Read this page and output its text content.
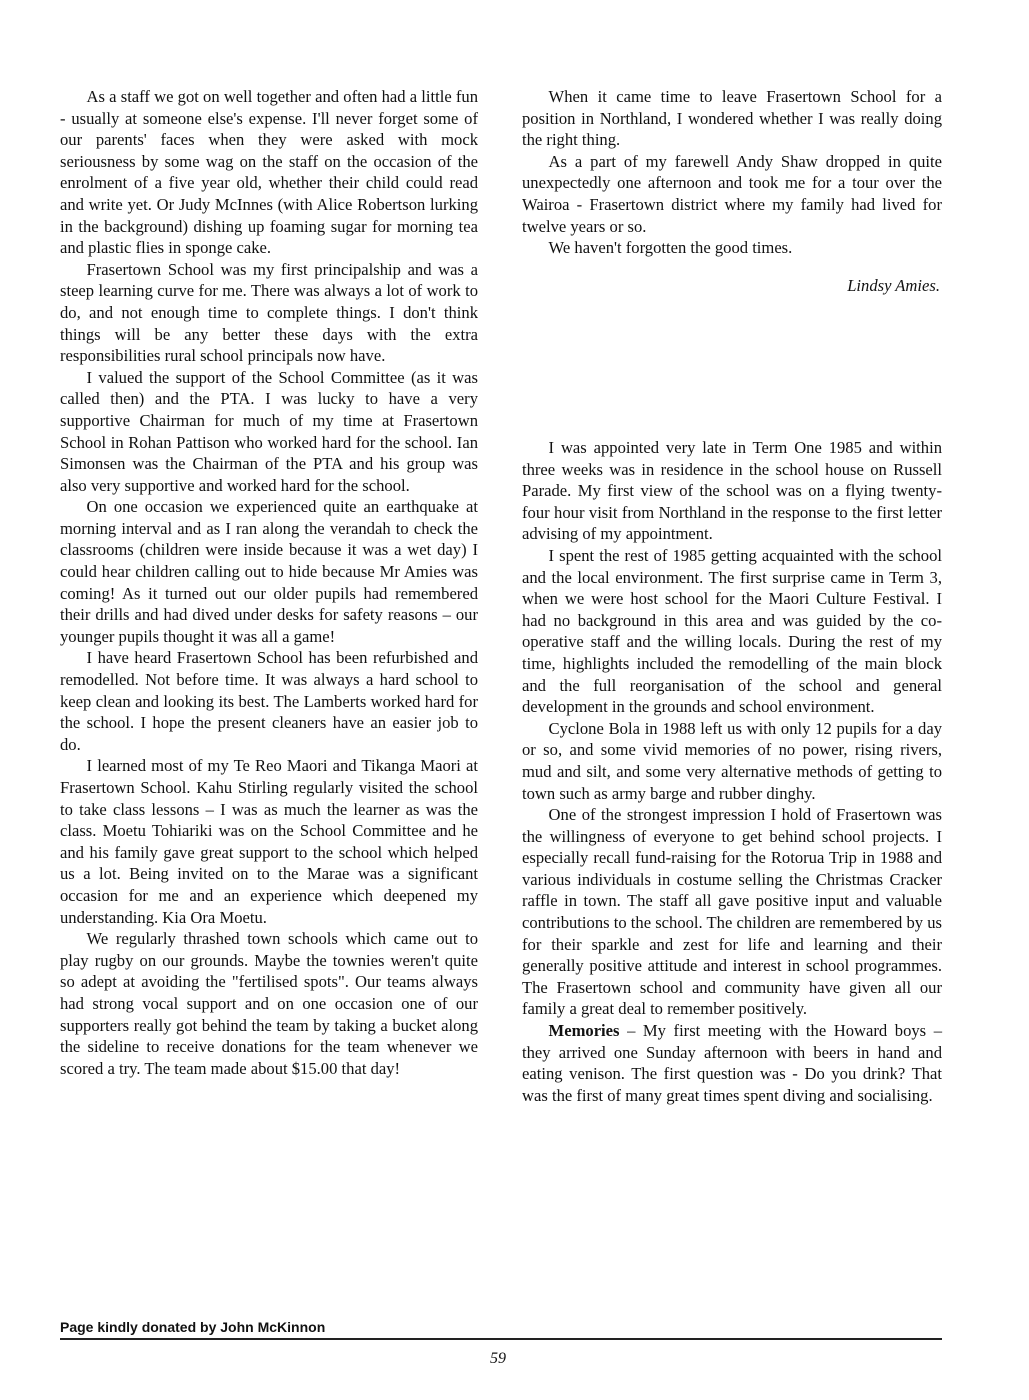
As a staff we got on well together and often had a little fun - usually at someone else's expense. I'll never forget some of our parents' faces when they were asked with mock seriousness by some wag on the staff on the occasion of the enrolment of a five year old, whether their child could read and write yet. Or Judy McInnes (with Alice Robertson lurking in the background) dishing up foaming sugar for morning tea and plastic flies in sponge cake.

Frasertown School was my first principalship and was a steep learning curve for me. There was always a lot of work to do, and not enough time to complete things. I don't think things will be any better these days with the extra responsibilities rural school principals now have.

I valued the support of the School Committee (as it was called then) and the PTA. I was lucky to have a very supportive Chairman for much of my time at Frasertown School in Rohan Pattison who worked hard for the school. Ian Simonsen was the Chairman of the PTA and his group was also very supportive and worked hard for the school.

On one occasion we experienced quite an earthquake at morning interval and as I ran along the verandah to check the classrooms (children were inside because it was a wet day) I could hear children calling out to hide because Mr Amies was coming! As it turned out our older pupils had remembered their drills and had dived under desks for safety reasons – our younger pupils thought it was all a game!

I have heard Frasertown School has been refurbished and remodelled. Not before time. It was always a hard school to keep clean and looking its best. The Lamberts worked hard for the school. I hope the present cleaners have an easier job to do.

I learned most of my Te Reo Maori and Tikanga Maori at Frasertown School. Kahu Stirling regularly visited the school to take class lessons – I was as much the learner as was the class. Moetu Tohiariki was on the School Committee and he and his family gave great support to the school which helped us a lot. Being invited on to the Marae was a significant occasion for me and an experience which deepened my understanding. Kia Ora Moetu.

We regularly thrashed town schools which came out to play rugby on our grounds. Maybe the townies weren't quite so adept at avoiding the "fertilised spots". Our teams always had strong vocal support and on one occasion one of our supporters really got behind the team by taking a bucket along the sideline to receive donations for the team whenever we scored a try. The team made about $15.00 that day!

When it came time to leave Frasertown School for a position in Northland, I wondered whether I was really doing the right thing.

As a part of my farewell Andy Shaw dropped in quite unexpectedly one afternoon and took me for a tour over the Wairoa - Frasertown district where my family had lived for twelve years or so.

We haven't forgotten the good times.

Lindsy Amies.

I was appointed very late in Term One 1985 and within three weeks was in residence in the school house on Russell Parade. My first view of the school was on a flying twenty-four hour visit from Northland in the response to the first letter advising of my appointment.

I spent the rest of 1985 getting acquainted with the school and the local environment. The first surprise came in Term 3, when we were host school for the Maori Culture Festival. I had no background in this area and was guided by the co-operative staff and the willing locals. During the rest of my time, highlights included the remodelling of the main block and the full reorganisation of the school and general development in the grounds and school environment.

Cyclone Bola in 1988 left us with only 12 pupils for a day or so, and some vivid memories of no power, rising rivers, mud and silt, and some very alternative methods of getting to town such as army barge and rubber dinghy.

One of the strongest impression I hold of Frasertown was the willingness of everyone to get behind school projects. I especially recall fund-raising for the Rotorua Trip in 1988 and various individuals in costume selling the Christmas Cracker raffle in town. The staff all gave positive input and valuable contributions to the school. The children are remembered by us for their sparkle and zest for life and learning and their generally positive attitude and interest in school programmes. The Frasertown school and community have given all our family a great deal to remember positively.

Memories – My first meeting with the Howard boys – they arrived one Sunday afternoon with beers in hand and eating venison. The first question was - Do you drink? That was the first of many great times spent diving and socialising.

Page kindly donated by John McKinnon
59
